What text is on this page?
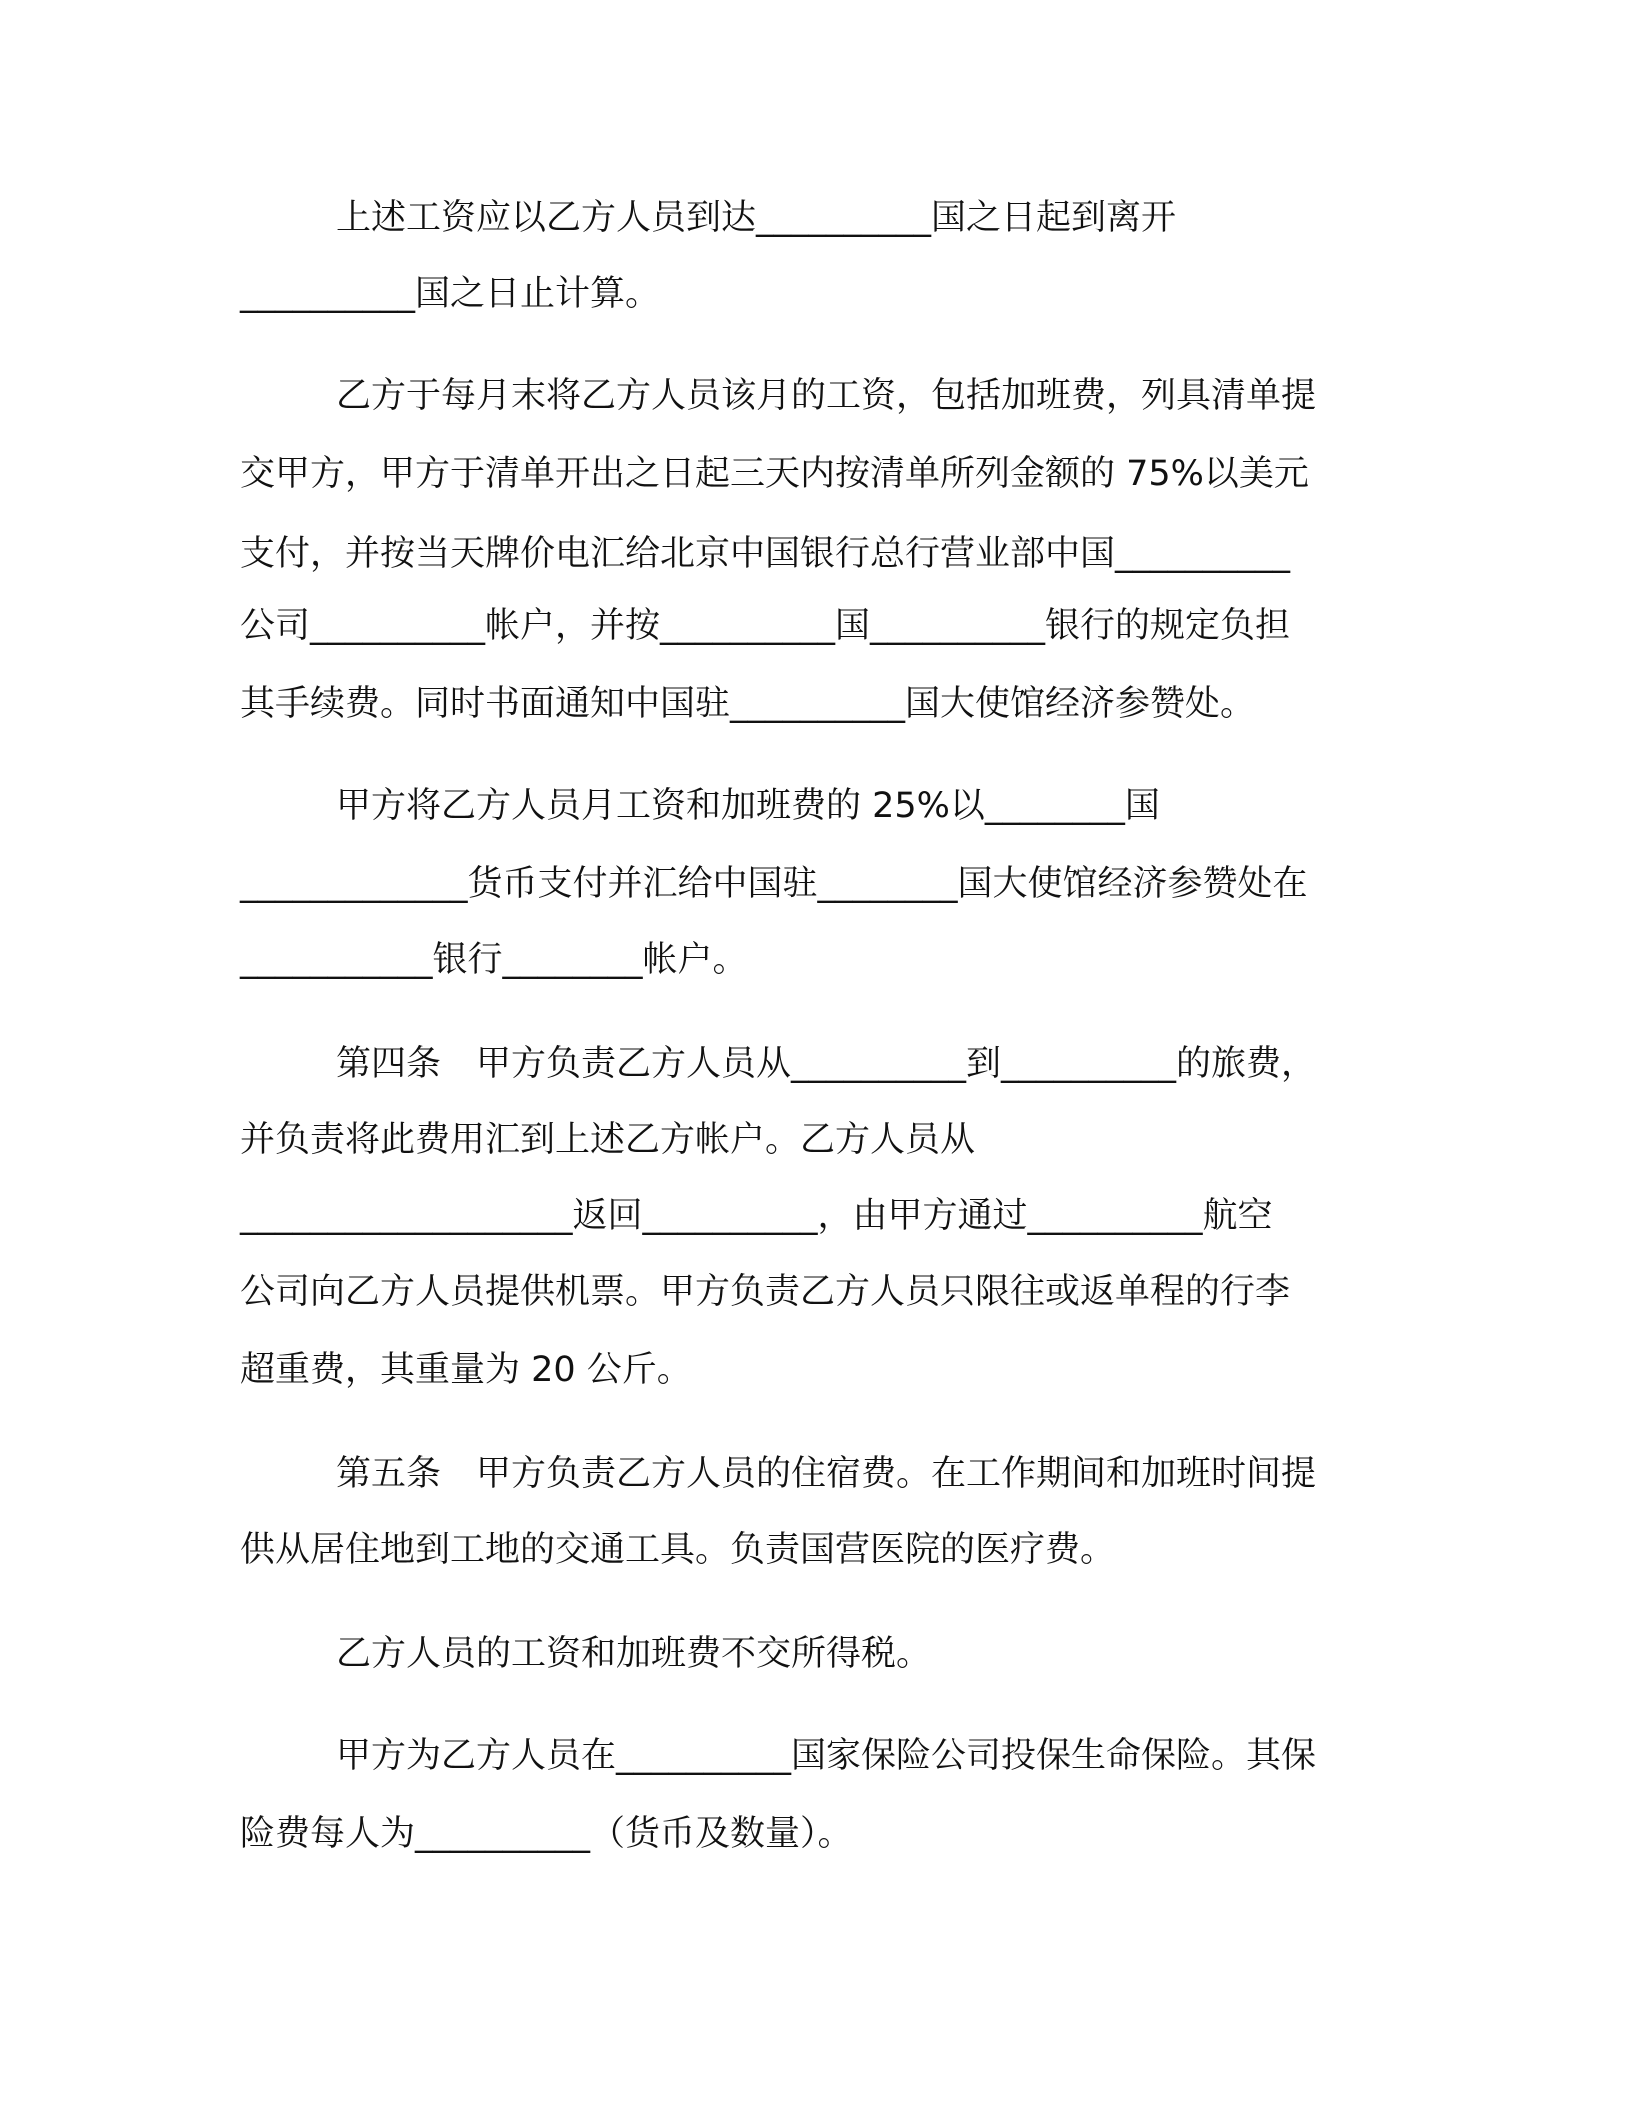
上述工资应以乙方人员到达__________国之日起到离开
__________国之日止计算。
乙方于每月末将乙方人员该月的工资，包括加班费，列具清单提
交甲方，甲方于清单开出之日起三天内按清单所列金额的 75%以美元
支付，并按当天牌价电汇给北京中国银行总行营业部中国__________
公司__________帐户，并按__________国__________银行的规定负担
其手续费。同时书面通知中国驻__________国大使馆经济参赞处。
甲方将乙方人员月工资和加班费的 25%以________国
_____________货币支付并汇给中国驻________国大使馆经济参赞处在
___________银行________帐户。
第四条　甲方负责乙方人员从__________到__________的旅费，
并负责将此费用汇到上述乙方帐户。乙方人员从
___________________返回__________，由甲方通过__________航空
公司向乙方人员提供机票。甲方负责乙方人员只限往或返单程的行李
超重费，其重量为 20 公斤。
第五条　甲方负责乙方人员的住宿费。在工作期间和加班时间提
供从居住地到工地的交通工具。负责国营医院的医疗费。
乙方人员的工资和加班费不交所得税。
甲方为乙方人员在__________国家保险公司投保生命保险。其保
险费每人为__________（货币及数量）。
